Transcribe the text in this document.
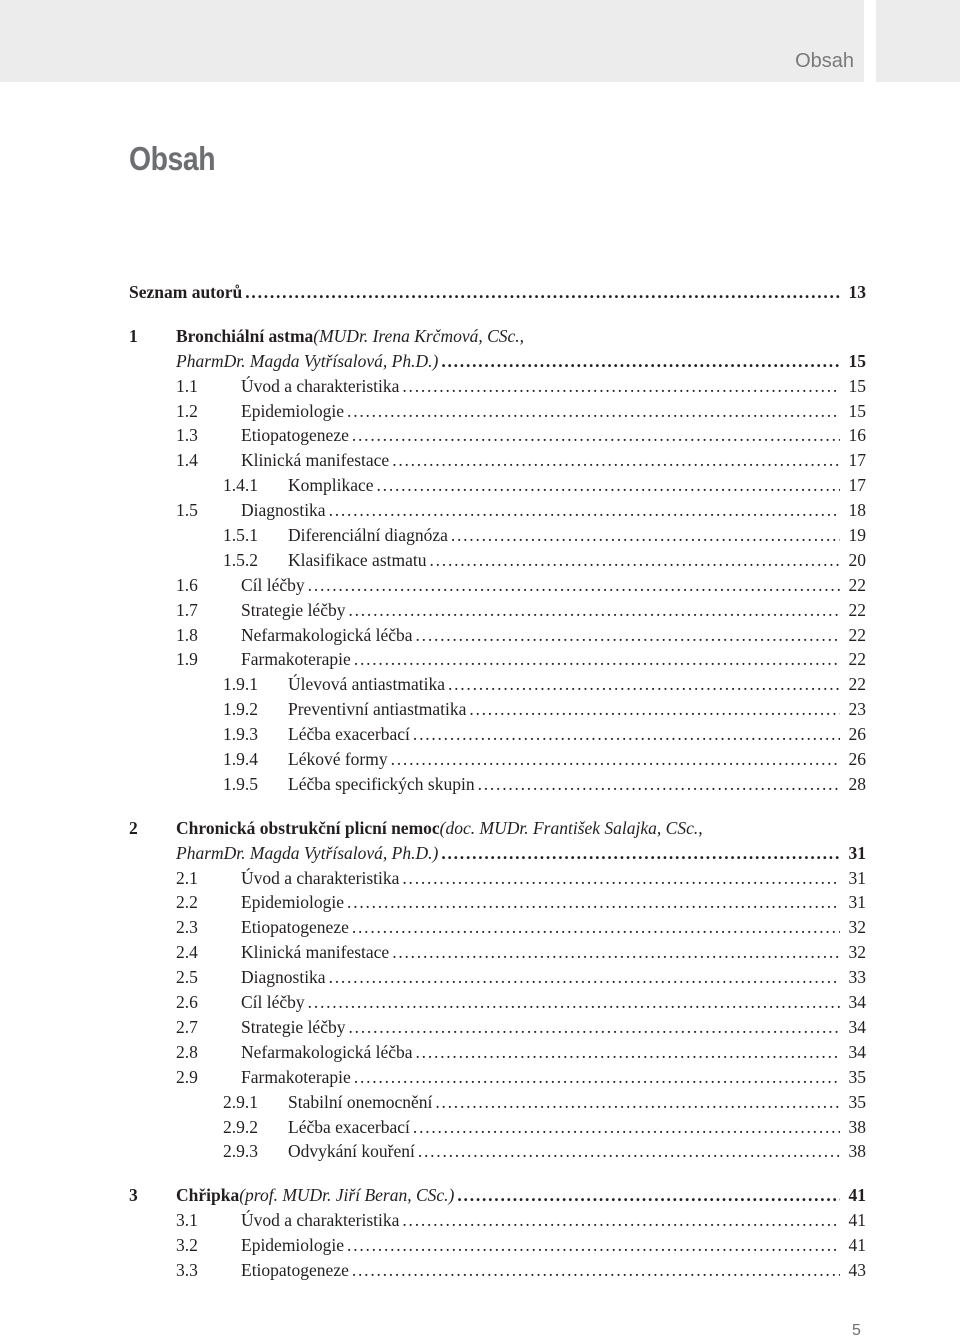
Obsah
Obsah
Seznam autorů . . .	13
1	Bronchiální astma (MUDr. Irena Krčmová, CSc.,
PharmDr. Magda Vytřísalová, Ph.D.) . . .	15
1.1	Úvod a charakteristika . . .	15
1.2	Epidemiologie . . .	15
1.3	Etiopatogeneze . . .	16
1.4	Klinická manifestace . . .	17
1.4.1	Komplikace . . .	17
1.5	Diagnostika . . .	18
1.5.1	Diferenciální diagnóza . . .	19
1.5.2	Klasifikace astmatu . . .	20
1.6	Cíl léčby . . .	22
1.7	Strategie léčby . . .	22
1.8	Nefarmakologická léčba . . .	22
1.9	Farmakoterapie . . .	22
1.9.1	Úlevová antiastmatika . . .	22
1.9.2	Preventivní antiastmatika . . .	23
1.9.3	Léčba exacerbací . . .	26
1.9.4	Lékové formy . . .	26
1.9.5	Léčba specifických skupin . . .	28
2	Chronická obstrukční plicní nemoc (doc. MUDr. František Salajka, CSc.,
PharmDr. Magda Vytřísalová, Ph.D.) . . .	31
2.1	Úvod a charakteristika . . .	31
2.2	Epidemiologie . . .	31
2.3	Etiopatogeneze . . .	32
2.4	Klinická manifestace . . .	32
2.5	Diagnostika . . .	33
2.6	Cíl léčby . . .	34
2.7	Strategie léčby . . .	34
2.8	Nefarmakologická léčba . . .	34
2.9	Farmakoterapie . . .	35
2.9.1	Stabilní onemocnění . . .	35
2.9.2	Léčba exacerbací . . .	38
2.9.3	Odvykání kouření . . .	38
3	Chřipka (prof. MUDr. Jiří Beran, CSc.) . . .	41
3.1	Úvod a charakteristika . . .	41
3.2	Epidemiologie . . .	41
3.3	Etiopatogeneze . . .	43
5
